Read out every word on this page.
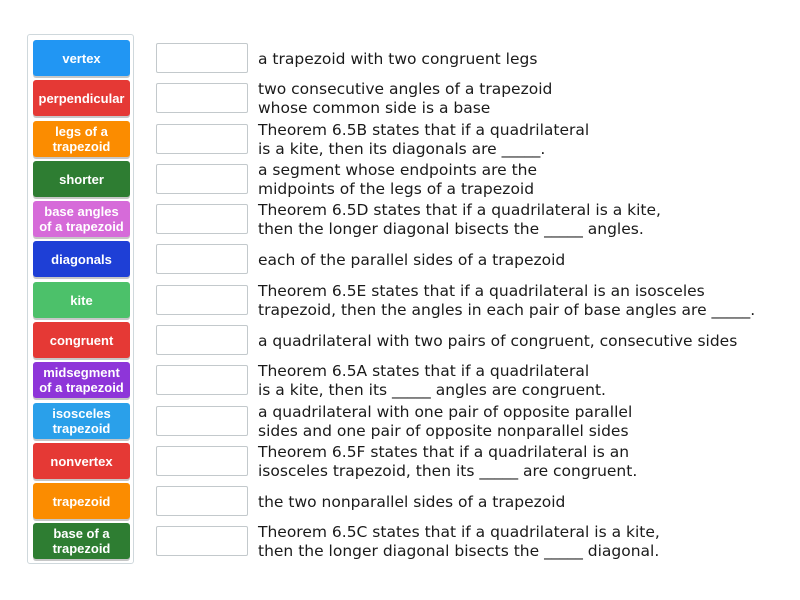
vertex
perpendicular
legs of a
trapezoid
shorter
base angles
of a trapezoid
diagonals
kite
congruent
midsegment
of a trapezoid
isosceles
trapezoid
nonvertex
trapezoid
base of a
trapezoid
a trapezoid with two congruent legs
two consecutive angles of a trapezoid
whose common side is a base
Theorem 6.5B states that if a quadrilateral
is a kite, then its diagonals are _____.
a segment whose endpoints are the
midpoints of the legs of a trapezoid
Theorem 6.5D states that if a quadrilateral is a kite,
then the longer diagonal bisects the _____ angles.
each of the parallel sides of a trapezoid
Theorem 6.5E states that if a quadrilateral is an isosceles
trapezoid, then the angles in each pair of base angles are _____.
a quadrilateral with two pairs of congruent, consecutive sides
Theorem 6.5A states that if a quadrilateral
is a kite, then its _____ angles are congruent.
a quadrilateral with one pair of opposite parallel
sides and one pair of opposite nonparallel sides
Theorem 6.5F states that if a quadrilateral is an
isosceles trapezoid, then its _____ are congruent.
the two nonparallel sides of a trapezoid
Theorem 6.5C states that if a quadrilateral is a kite,
then the longer diagonal bisects the _____ diagonal.
